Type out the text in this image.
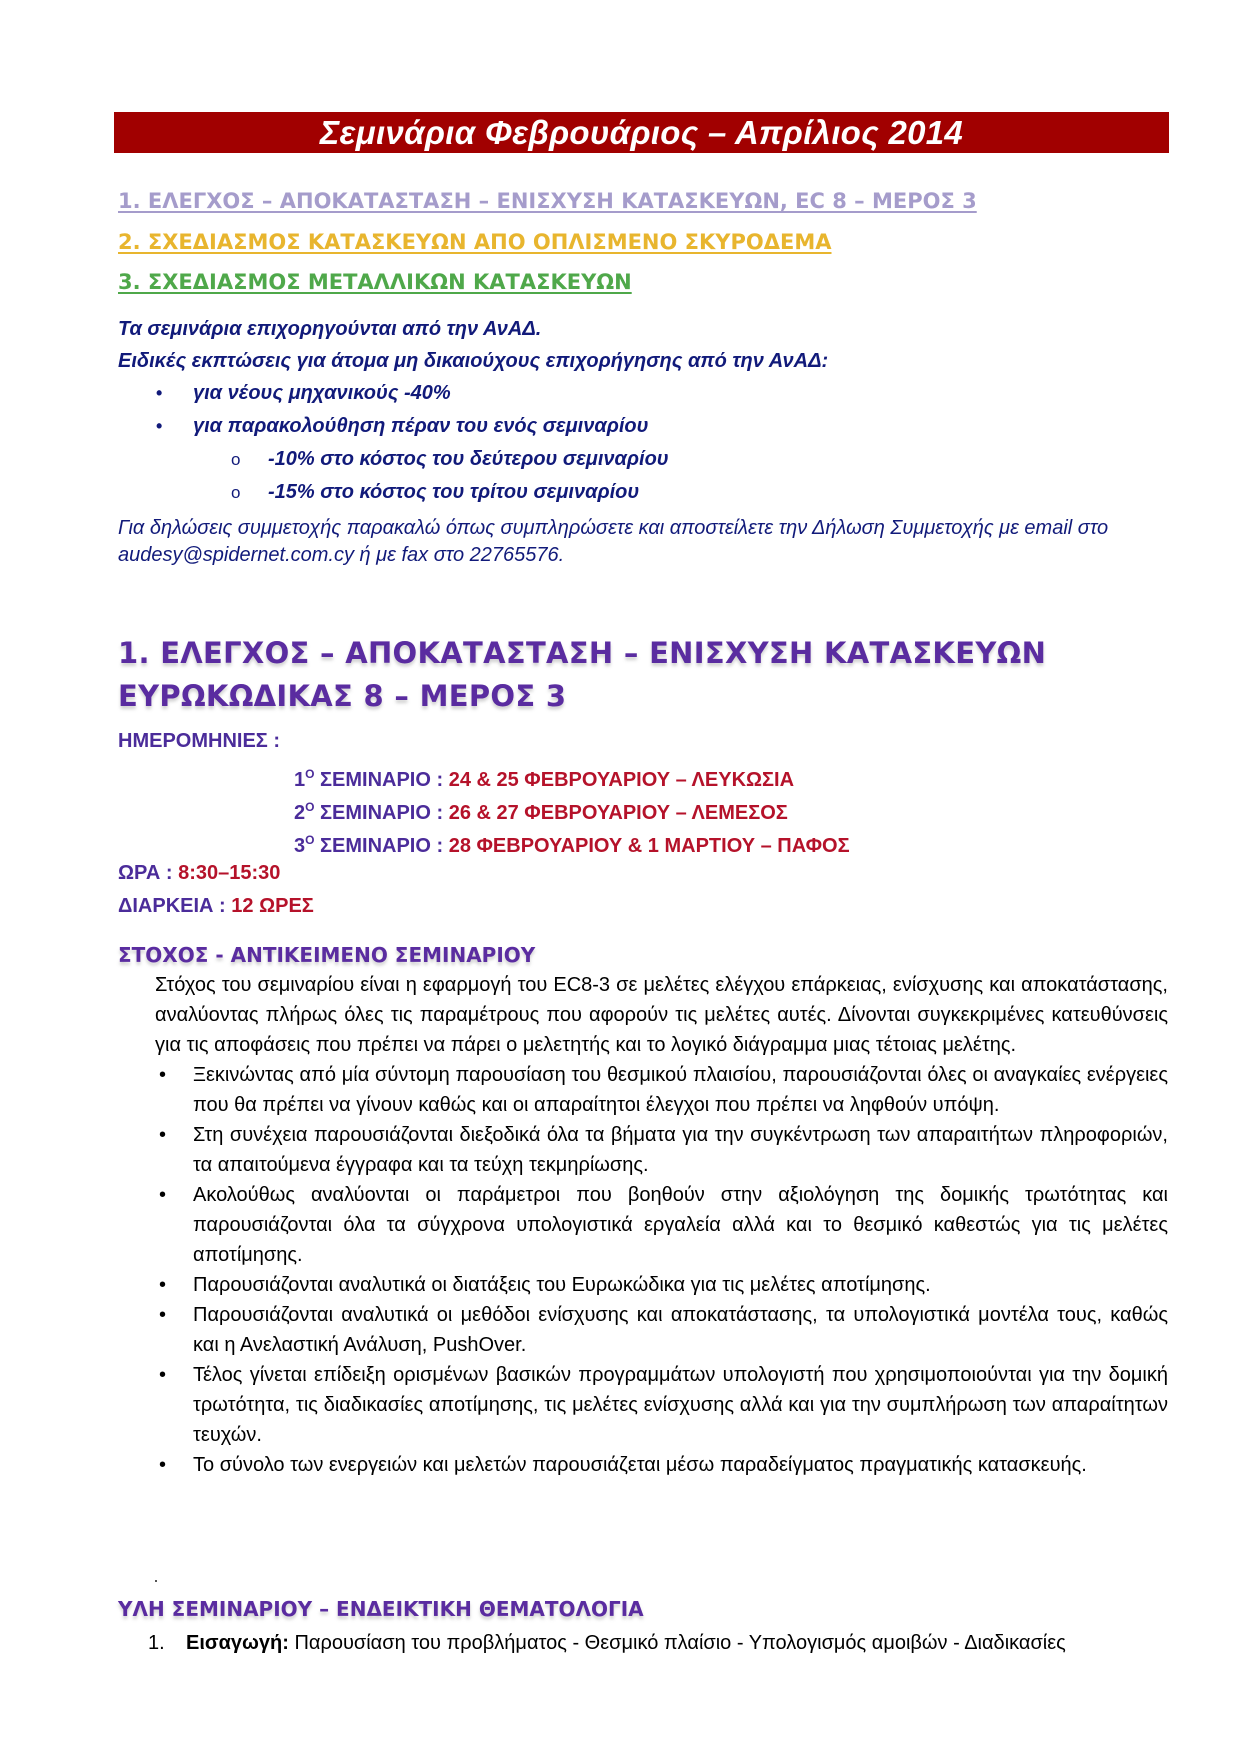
Σεμινάρια Φεβρουάριος – Απρίλιος 2014
1. ΕΛΕΓΧΟΣ – ΑΠΟΚΑΤΑΣΤΑΣΗ – ΕΝΙΣΧΥΣΗ ΚΑΤΑΣΚΕΥΩΝ, EC 8 – ΜΕΡΟΣ 3
2. ΣΧΕΔΙΑΣΜΟΣ ΚΑΤΑΣΚΕΥΩΝ ΑΠΟ ΟΠΛΙΣΜΕΝΟ ΣΚΥΡΟΔΕΜΑ
3. ΣΧΕΔΙΑΣΜΟΣ ΜΕΤΑΛΛΙΚΩΝ ΚΑΤΑΣΚΕΥΩΝ
Τα σεμινάρια επιχορηγούνται από την ΑνΑΔ.
Ειδικές εκπτώσεις για άτομα μη δικαιούχους επιχορήγησης από την ΑνΑΔ:
• για νέους μηχανικούς -40%
• για παρακολούθηση πέραν του ενός σεμιναρίου
o -10% στο κόστος του δεύτερου σεμιναρίου
o -15% στο κόστος του τρίτου σεμιναρίου
Για δηλώσεις συμμετοχής παρακαλώ όπως συμπληρώσετε και αποστείλετε την Δήλωση Συμμετοχής με email στο audesy@spidernet.com.cy ή με fax στο 22765576.
1. ΕΛΕΓΧΟΣ – ΑΠΟΚΑΤΑΣΤΑΣΗ – ΕΝΙΣΧΥΣΗ ΚΑΤΑΣΚΕΥΩΝ
ΕΥΡΩΚΩΔΙΚΑΣ 8 – ΜΕΡΟΣ 3
ΗΜΕΡΟΜΗΝΙΕΣ :
$1^O$ ΣΕΜΙΝΑΡΙΟ : 24 & 25 ΦΕΒΡΟΥΑΡΙΟΥ – ΛΕΥΚΩΣΙΑ
$2^O$ ΣΕΜΙΝΑΡΙΟ : 26 & 27 ΦΕΒΡΟΥΑΡΙΟΥ – ΛΕΜΕΣΟΣ
$3^O$ ΣΕΜΙΝΑΡΙΟ : 28 ΦΕΒΡΟΥΑΡΙΟΥ & 1 ΜΑΡΤΙΟΥ – ΠΑΦΟΣ
ΩΡΑ : 8:30–15:30
ΔΙΑΡΚΕΙΑ : 12 ΩΡΕΣ
ΣΤΟΧΟΣ - ΑΝΤΙΚΕΙΜΕΝΟ ΣΕΜΙΝΑΡΙΟΥ

Στόχος του σεμιναρίου είναι η εφαρμογή του EC8-3 σε μελέτες ελέγχου επάρκειας, ενίσχυσης και αποκατάστασης, αναλύοντας πλήρως όλες τις παραμέτρους που αφορούν τις μελέτες αυτές. Δίνονται συγκεκριμένες κατευθύνσεις για τις αποφάσεις που πρέπει να πάρει ο μελετητής και το λογικό διάγραμμα μιας τέτοιας μελέτης.

• Ξεκινώντας από μία σύντομη παρουσίαση του θεσμικού πλαισίου, παρουσιάζονται όλες οι αναγκαίες ενέργειες που θα πρέπει να γίνουν καθώς και οι απαραίτητοι έλεγχοι που πρέπει να ληφθούν υπόψη.
• Στη συνέχεια παρουσιάζονται διεξοδικά όλα τα βήματα για την συγκέντρωση των απαραιτήτων πληροφοριών, τα απαιτούμενα έγγραφα και τα τεύχη τεκμηρίωσης.
• Ακολούθως αναλύονται οι παράμετροι που βοηθούν στην αξιολόγηση της δομικής τρωτότητας και παρουσιάζονται όλα τα σύγχρονα υπολογιστικά εργαλεία αλλά και το θεσμικό καθεστώς για τις μελέτες αποτίμησης.
• Παρουσιάζονται αναλυτικά οι διατάξεις του Ευρωκώδικα για τις μελέτες αποτίμησης.
• Παρουσιάζονται αναλυτικά οι μεθόδοι ενίσχυσης και αποκατάστασης, τα υπολογιστικά μοντέλα τους, καθώς και η Ανελαστική Ανάλυση, PushOver.
• Τέλος γίνεται επίδειξη ορισμένων βασικών προγραμμάτων υπολογιστή που χρησιμοποιούνται για την δομική τρωτότητα, τις διαδικασίες αποτίμησης, τις μελέτες ενίσχυσης αλλά και για την συμπλήρωση των απαραίτητων τευχών.
• Το σύνολο των ενεργειών και μελετών παρουσιάζεται μέσω παραδείγματος πραγματικής κατασκευής.
ΥΛΗ ΣΕΜΙΝΑΡΙΟΥ – ΕΝΔΕΙΚΤΙΚΗ ΘΕΜΑΤΟΛΟΓΙΑ
1. Εισαγωγή: Παρουσίαση του προβλήματος - Θεσμικό πλαίσιο - Υπολογισμός αμοιβών - Διαδικασίες
